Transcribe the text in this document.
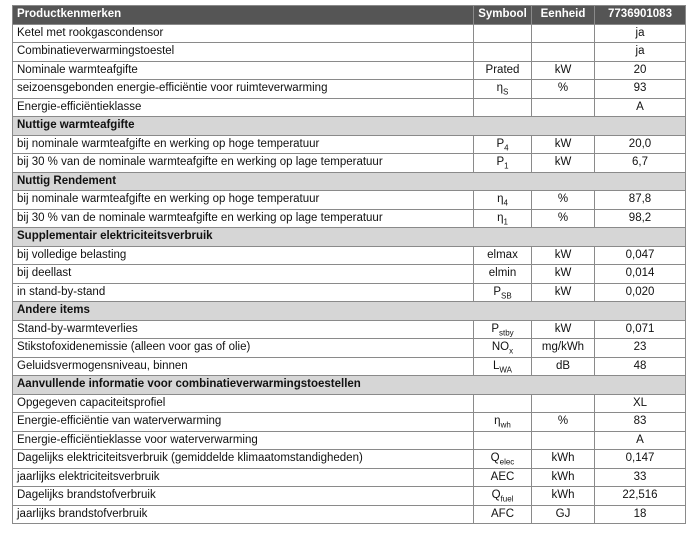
Productkenmerken	Symbool	Eenheid	7736901083
Ketel met rookgascondensor			ja
Combinatieverwarmingstoestel			ja
Nominale warmteafgifte	Prated	kW	20
seizoensgebonden energie-efficiëntie voor ruimteverwarming	$\eta_S$	%	93
Energie-efficiëntieklasse			A
Nuttige warmteafgifte			
bij nominale warmteafgifte en werking op hoge temperatuur	$P_4$	kW	20,0
bij 30 % van de nominale warmteafgifte en werking op lage temperatuur	$P_1$	kW	6,7
Nuttig Rendement			
bij nominale warmteafgifte en werking op hoge temperatuur	$\eta_4$	%	87,8
bij 30 % van de nominale warmteafgifte en werking op lage temperatuur	$\eta_1$	%	98,2
Supplementair elektriciteitsverbruik			
bij volledige belasting	elmax	kW	0,047
bij deellast	elmin	kW	0,014
in stand-by-stand	$P_{SB}$	kW	0,020
Andere items			
Stand-by-warmteverlies	$P_{stby}$	kW	0,071
Stikstofoxidenemissie (alleen voor gas of olie)	$NO_x$	mg/kWh	23
Geluidsvermogensniveau, binnen	$L_{WA}$	dB	48
Aanvullende informatie voor combinatieverwarmingstoestellen			
Opgegeven capaciteitsprofiel			XL
Energie-efficiëntie van waterverwarming	$\eta_{wh}$	%	83
Energie-efficiëntieklasse voor waterverwarming			A
Dagelijks elektriciteitsverbruik (gemiddelde klimaatomstandigheden)	$Q_{elec}$	kWh	0,147
jaarlijks elektriciteitsverbruik	AEC	kWh	33
Dagelijks brandstofverbruik	$Q_{fuel}$	kWh	22,516
jaarlijks brandstofverbruik	AFC	GJ	18
